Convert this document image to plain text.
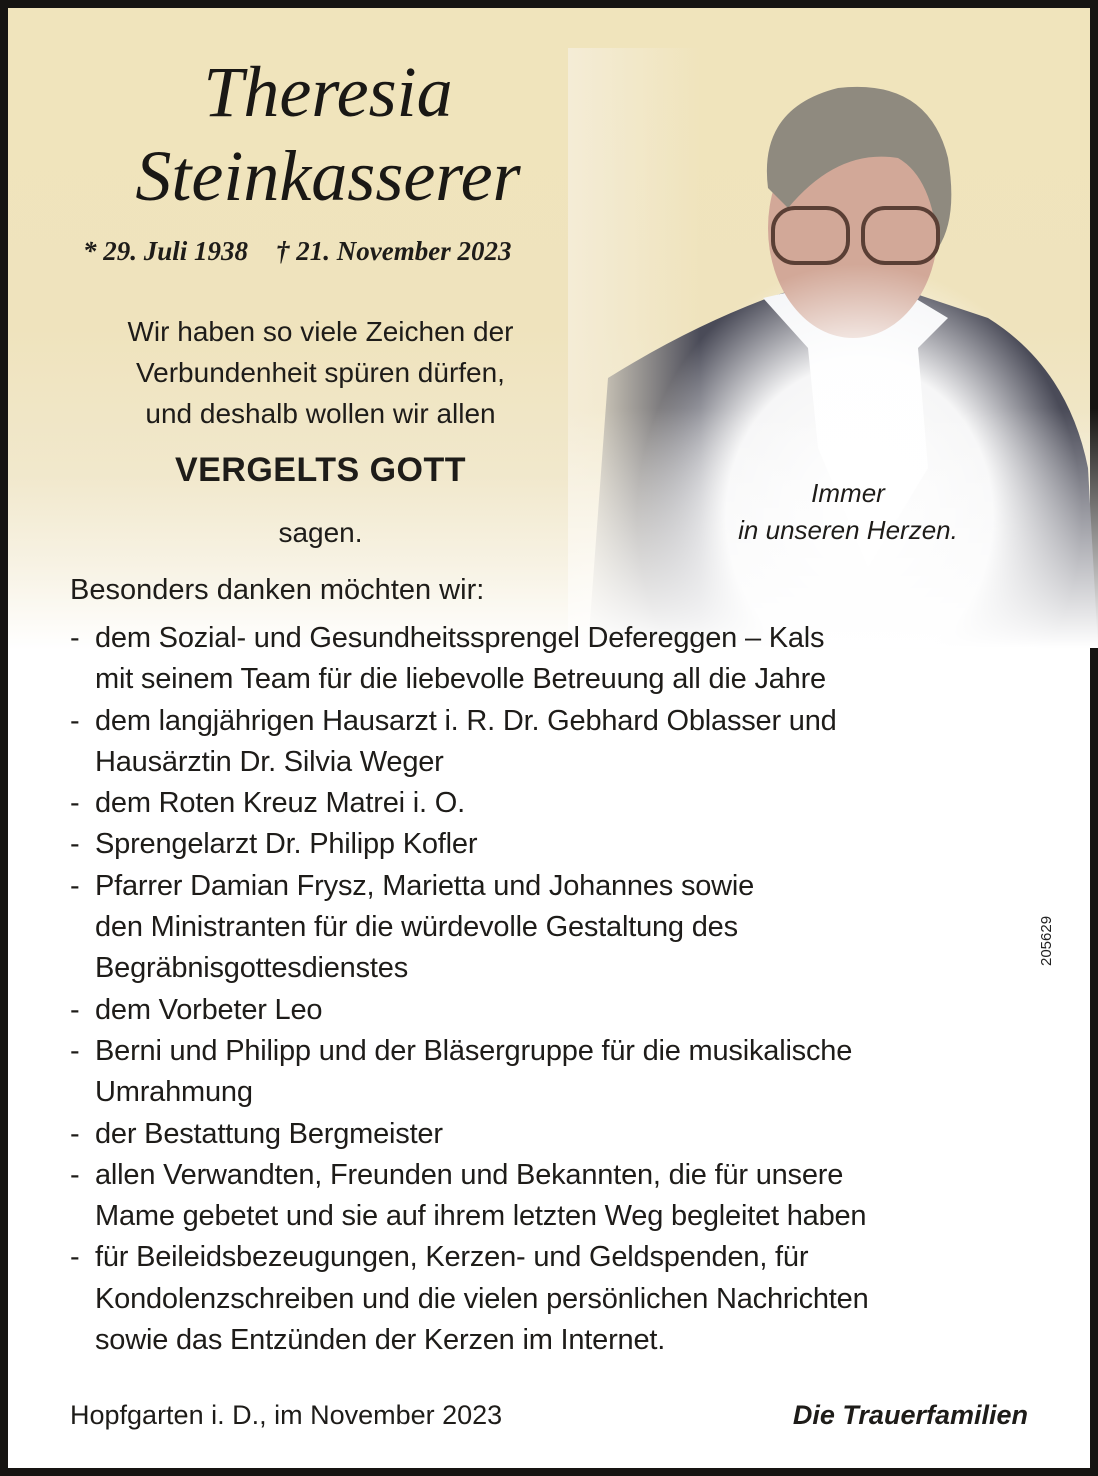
Theresia
Steinkasserer
* 29. Juli 1938 † 21. November 2023
Wir haben so viele Zeichen der
Verbundenheit spüren dürfen,
und deshalb wollen wir allen
VERGELTS GOTT
sagen.
Immer
in unseren Herzen.
Besonders danken möchten wir:
- dem Sozial- und Gesundheitssprengel Defereggen – Kals
mit seinem Team für die liebevolle Betreuung all die Jahre
- dem langjährigen Hausarzt i. R. Dr. Gebhard Oblasser und
Hausärztin Dr. Silvia Weger
- dem Roten Kreuz Matrei i. O.
- Sprengelarzt Dr. Philipp Kofler
- Pfarrer Damian Frysz, Marietta und Johannes sowie
den Ministranten für die würdevolle Gestaltung des
Begräbnisgottesdienstes
- dem Vorbeter Leo
- Berni und Philipp und der Bläsergruppe für die musikalische
Umrahmung
- der Bestattung Bergmeister
- allen Verwandten, Freunden und Bekannten, die für unsere
Mame gebetet und sie auf ihrem letzten Weg begleitet haben
- für Beileidsbezeugungen, Kerzen- und Geldspenden, für
Kondolenzschreiben und die vielen persönlichen Nachrichten
sowie das Entzünden der Kerzen im Internet.
Hopfgarten i. D., im November 2023	Die Trauerfamilien
205629
